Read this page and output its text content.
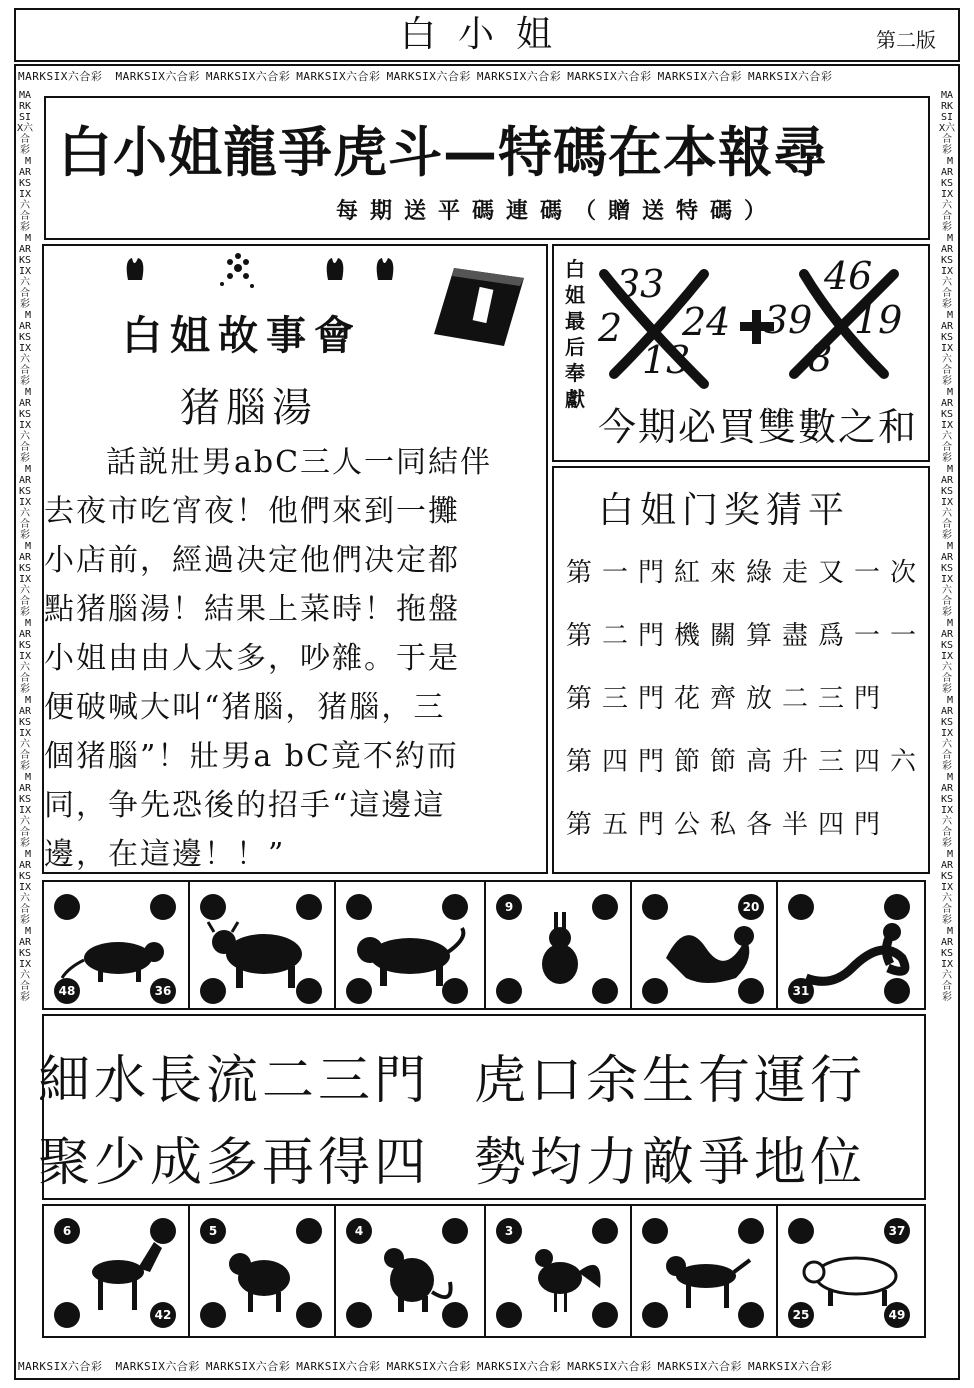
白小姐	第二版
MARKSIX六合彩 MARKSIX六合彩 MARKSIX六合彩 MARKSIX六合彩 MARKSIX六合彩 MARKSIX六合彩 MARKSIX六合彩 MARKSIX六合彩 MARKSIX六合彩
MARKSIX六合彩 MARKSIX六合彩 MARKSIX六合彩 MARKSIX六合彩 MARKSIX六合彩 MARKSIX六合彩 MARKSIX六合彩 MARKSIX六合彩 MARKSIX六合彩
MARKSIX六合彩 MARKSIX六合彩MARKSIX六合彩MARKSIX六合彩MARKSIX六合彩MARKSIX六合彩MARKSIX六合彩MARKSIX六合彩MARKSIX六合彩MARKSIX六合彩MARKSIX六合彩MARKSIX六合彩
MARKSIX六合彩 MARKSIX六合彩MARKSIX六合彩MARKSIX六合彩MARKSIX六合彩MARKSIX六合彩MARKSIX六合彩MARKSIX六合彩MARKSIX六合彩MARKSIX六合彩MARKSIX六合彩MARKSIX六合彩
白小姐龍爭虎斗—特碼在本報尋
每期送平碼連碼（贈送特碼）
白姐故事會
猪腦湯
話説壯男abC三人一同結伴
去夜市吃宵夜！他們來到一攤
小店前，經過决定他們决定都
點猪腦湯！結果上菜時！拖盤
小姐由由人太多，吵雜。于是
便破喊大叫“猪腦，猪腦，三
個猪腦”！壯男a bC竟不約而
同，争先恐後的招手“這邊這
邊，在這邊！！”
白姐最后奉獻
33
2 24
13
39
46
19
8
今期必買雙數之和
白姐门奖猜平
第一門紅來綠走又一次
第二門機關算盡爲一一
第三門花齊放二三門
第四門節節高升三四六
第五門公私各半四門
48	36
9	20
31
細水長流二三門 虎口余生有運行
聚少成多再得四 勢均力敵爭地位
6
42
5	4	3	37
25	49
